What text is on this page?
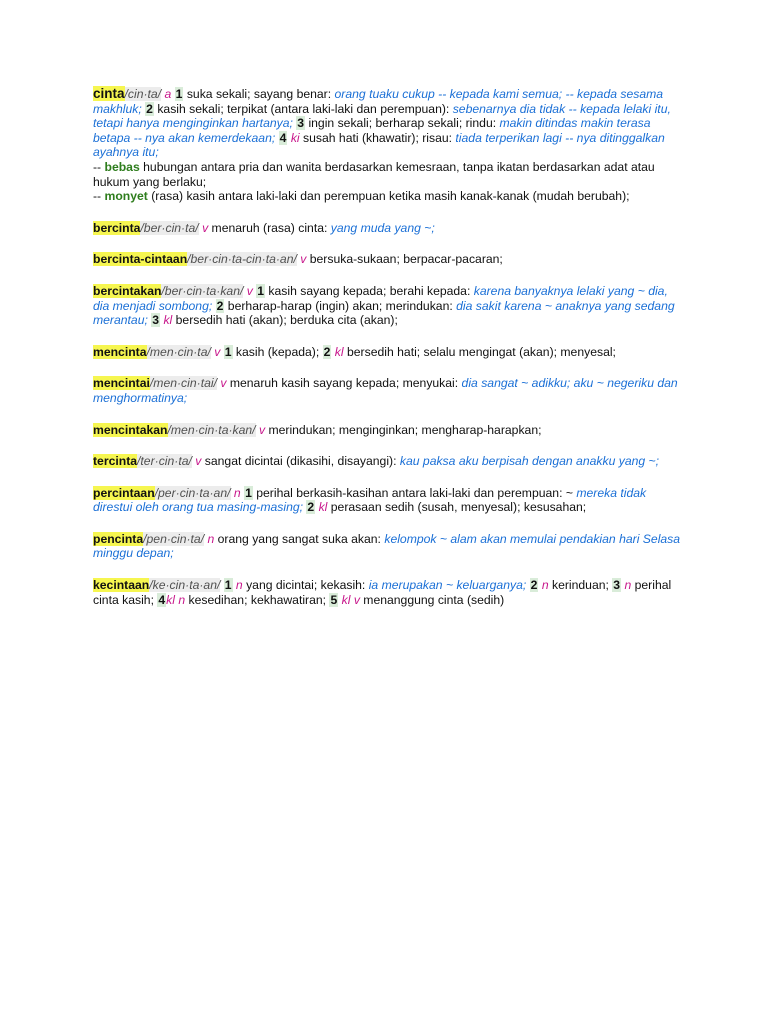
cinta/cin·ta/ a 1 suka sekali; sayang benar: orang tuaku cukup -- kepada kami semua; -- kepada sesama makhluk; 2 kasih sekali; terpikat (antara laki-laki dan perempuan): sebenarnya dia tidak -- kepada lelaki itu, tetapi hanya menginginkan hartanya; 3 ingin sekali; berharap sekali; rindu: makin ditindas makin terasa betapa -- nya akan kemerdekaan; 4 ki susah hati (khawatir); risau: tiada terperikan lagi -- nya ditinggalkan ayahnya itu;
-- bebas hubungan antara pria dan wanita berdasarkan kemesraan, tanpa ikatan berdasarkan adat atau hukum yang berlaku;
-- monyet (rasa) kasih antara laki-laki dan perempuan ketika masih kanak-kanak (mudah berubah);
bercinta/ber·cin·ta/ v menaruh (rasa) cinta: yang muda yang ~;
bercinta-cintaan/ber·cin·ta-cin·ta·an/ v bersuka-sukaan; berpacar-pacaran;
bercintakan/ber·cin·ta·kan/ v 1 kasih sayang kepada; berahi kepada: karena banyaknya lelaki yang ~ dia, dia menjadi sombong; 2 berharap-harap (ingin) akan; merindukan: dia sakit karena ~ anaknya yang sedang merantau; 3 kl bersedih hati (akan); berduka cita (akan);
mencinta/men·cin·ta/ v 1 kasih (kepada); 2 kl bersedih hati; selalu mengingat (akan); menyesal;
mencintai/men·cin·tai/ v menaruh kasih sayang kepada; menyukai: dia sangat ~ adikku; aku ~ negeriku dan menghormatinya;
mencintakan/men·cin·ta·kan/ v merindukan; menginginkan; mengharap-harapkan;
tercinta/ter·cin·ta/ v sangat dicintai (dikasihi, disayangi): kau paksa aku berpisah dengan anakku yang ~;
percintaan/per·cin·ta·an/ n 1 perihal berkasih-kasihan antara laki-laki dan perempuan: ~ mereka tidak direstui oleh orang tua masing-masing; 2 kl perasaan sedih (susah, menyesal); kesusahan;
pencinta/pen·cin·ta/ n orang yang sangat suka akan: kelompok ~ alam akan memulai pendakian hari Selasa minggu depan;
kecintaan/ke·cin·ta·an/ 1 n yang dicintai; kekasih: ia merupakan ~ keluarganya; 2 n kerinduan; 3 n perihal cinta kasih; 4kl n kesedihan; kekhawatiran; 5 kl v menanggung cinta (sedih)
